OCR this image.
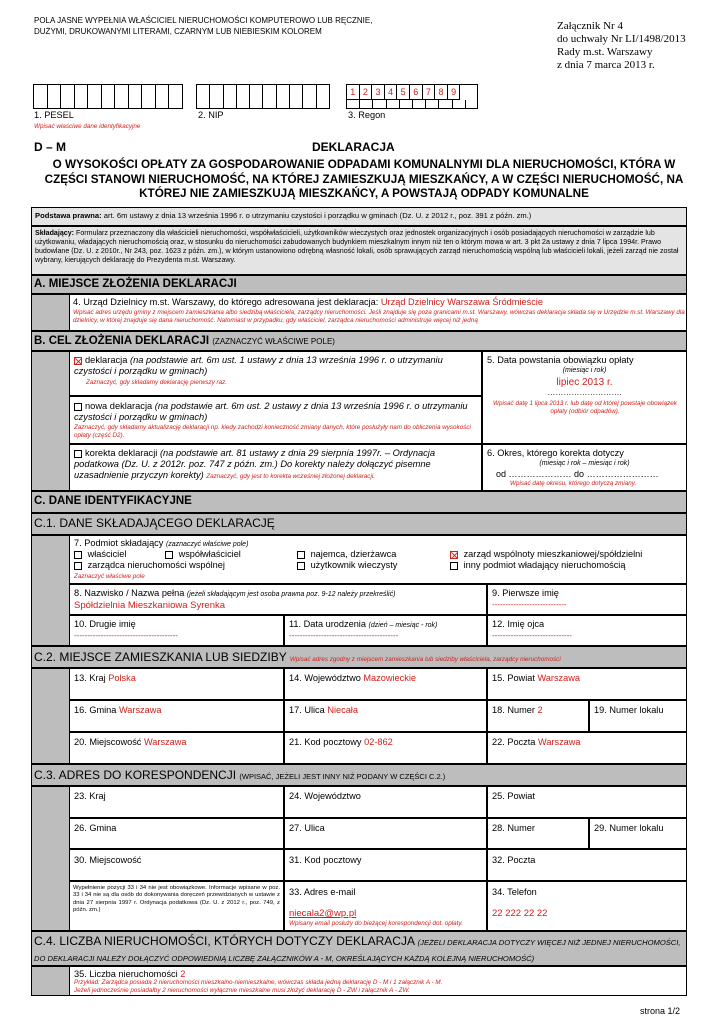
POLA JASNE WYPEŁNIA WŁAŚCICIEL NIERUCHOMOŚCI KOMPUTEROWO LUB RĘCZNIE, DUŻYMI, DRUKOWANYMI LITERAMI, CZARNYM LUB NIEBIESKIM KOLOREM	Załącznik Nr 4
do uchwały Nr LI/1498/2013
Rady m.st. Warszawy
z dnia 7 marca 2013 r.
1. PESEL
Wpisać właściwe dane identyfikacyjne
2. NIP
1 2 3 4 5 6 7 8 9
3. Regon
D – M	DEKLARACJA
O WYSOKOŚCI OPŁATY ZA GOSPODAROWANIE ODPADAMI KOMUNALNYMI DLA NIERUCHOMOŚCI, KTÓRA W CZĘŚCI STANOWI NIERUCHOMOŚĆ, NA KTÓREJ ZAMIESZKUJĄ MIESZKAŃCY, A W CZĘŚCI NIERUCHOMOŚĆ, NA KTÓREJ NIE ZAMIESZKUJĄ MIESZKAŃCY, A POWSTAJĄ ODPADY KOMUNALNE
Podstawa prawna: art. 6m ustawy z dnia 13 września 1996 r. o utrzymaniu czystości i porządku w gminach (Dz. U. z 2012 r., poz. 391 z późn. zm.)
Składający: Formularz przeznaczony dla właścicieli nieruchomości, współwłaścicieli, użytkowników wieczystych oraz jednostek organizacyjnych i osób posiadających nieruchomości w zarządzie lub użytkowaniu, władających nieruchomością oraz, w stosunku do nieruchomości zabudowanych budynkiem mieszkalnym innym niż ten o którym mowa w art. 3 pkt 2a ustawy z dnia 7 lipca 1994r. Prawo budowlane (Dz. U. z 2010r., Nr 243, poz. 1623 z późn. zm.), w którym ustanowiono odrębną własność lokali, osób sprawujących zarząd nieruchomością wspólną lub właścicieli lokali, jeżeli zarząd nie został wybrany, kierujących deklarację do Prezydenta m.st. Warszawy.
A. MIEJSCE ZŁOŻENIA DEKLARACJI
4. Urząd Dzielnicy m.st. Warszawy, do którego adresowana jest deklaracja: Urząd Dzielnicy Warszawa Śródmieście
Wpisać adres urzędu gminy z miejscem zamieszkania albo siedzibą właściciela, zarządcy nieruchomości. Jeśli znajduje się poza granicami m.st. Warszawy, wówczas deklaracja składa się w Urzędzie m.st. Warszawy dla dzielnicy, w której znajduje się dana nieruchomość. Natomiast w przypadku, gdy właściciel, zarządca nieruchomości administruje więcej niż jedną
B. CEL ZŁOŻENIA DEKLARACJI (ZAZNACZYĆ WŁAŚCIWE POLE)
deklaracja (na podstawie art. 6m ust. 1 ustawy z dnia 13 września 1996 r. o utrzymaniu czystości i porządku w gminach)
Zaznaczyć, gdy składamy deklarację pierwszy raz.
nowa deklaracja (na podstawie art. 6m ust. 2 ustawy z dnia 13 września 1996 r. o utrzymaniu czystości i porządku w gminach)
Zaznaczyć, gdy składamy aktualizację deklaracji np. kiedy zachodzi konieczność zmiany danych, które posłużyły nam do obliczenia wysokości opłaty (część D2).
korekta deklaracji (na podstawie art. 81 ustawy z dnia 29 sierpnia 1997r. – Ordynacja podatkowa (Dz. U. z 2012r. poz. 747 z późn. zm.) Do korekty należy dołączyć pisemne uzasadnienie przyczyn korekty) Zaznaczyć, gdy jest to korekta wcześniej złożonej deklaracji.
5. Data powstania obowiązku opłaty
(miesiąc i rok)
lipiec 2013 r.
……………………….
Wpisać datę 1 lipca 2013 r. lub datę od której powstaje obowiązek opłaty (odbiór odpadów).
6. Okres, którego korekta dotyczy
(miesiąc i rok – miesiąc i rok)
od ………………… do ……………………
Wpisać datę okresu, którego dotyczą zmiany.
C. DANE IDENTYFIKACYJNE
C.1. DANE SKŁADAJĄCEGO DEKLARACJĘ
7. Podmiot składający (zaznaczyć właściwe pole)
właściciel	współwłaściciel	najemca, dzierżawca	zarząd wspólnoty mieszkaniowej/spółdzielni
zarządca nieruchomości wspólnej	użytkownik wieczysty	inny podmiot władający nieruchomością
Zaznaczyć właściwe pole
8. Nazwisko / Nazwa pełna (jeżeli składającym jest osoba prawna poz. 9-12 należy przekreślić)
Spółdzielnia Mieszkaniowa Syrenka
9. Pierwsze imię
----------------------------
10. Drugie imię
---------------------------------------
11. Data urodzenia (dzień – miesiąc - rok)
-----------------------------------------
12. Imię ojca
------------------------------
C.2. MIEJSCE ZAMIESZKANIA LUB SIEDZIBY Wpisać adres zgodny z miejscem zamieszkania lub siedziby właściciela, zarządcy nieruchomości
13. Kraj Polska	14. Województwo Mazowieckie	15. Powiat Warszawa
16. Gmina Warszawa	17. Ulica Niecała	18. Numer 2	19. Numer lokalu
20. Miejscowość Warszawa	21. Kod pocztowy 02-862	22. Poczta Warszawa
C.3. ADRES DO KORESPONDENCJI (WPISAĆ, JEŻELI JEST INNY NIŻ PODANY W CZĘŚCI C.2.)
23. Kraj	24. Województwo	25. Powiat
26. Gmina	27. Ulica	28. Numer	29. Numer lokalu
30. Miejscowość	31. Kod pocztowy	32. Poczta
Wypełnienie pozycji 33 i 34 nie jest obowiązkowe. Informacje wpisane w poz. 33 i 34 nie są dla osób do dokonywania doręczeń przewidzianych w ustawie z dnia 27 sierpnia 1997 r. Ordynacja podatkowa (Dz. U. z 2012 r., poz. 749, z późn. zm.)
33. Adres e-mail
niecala2@wp.pl
Wpisany email posłuży do bieżącej korespondencji dot. opłaty.
34. Telefon
22 222 22 22
C.4. LICZBA NIERUCHOMOŚCI, KTÓRYCH DOTYCZY DEKLARACJA (JEŻELI DEKLARACJA DOTYCZY WIĘCEJ NIŻ JEDNEJ NIERUCHOMOŚCI, DO DEKLARACJI NALEŻY DOŁĄCZYĆ ODPOWIEDNIĄ LICZBĘ ZAŁĄCZNIKÓW A - M, OKREŚLAJĄCYCH KAŻDĄ KOLEJNĄ NIERUCHOMOŚĆ)
35. Liczba nieruchomości 2
Przykład: Zarządca posiada 2 nieruchomości mieszkalno-niemieszkalne, wówczas składa jedną deklarację D - M i 1 załącznik A - M.
Jeżeli jednocześnie posiadałby 2 nieruchomości wyłącznie mieszkalne musi złożyć deklarację D - ZW i załącznik A - ZW.
strona 1/2
